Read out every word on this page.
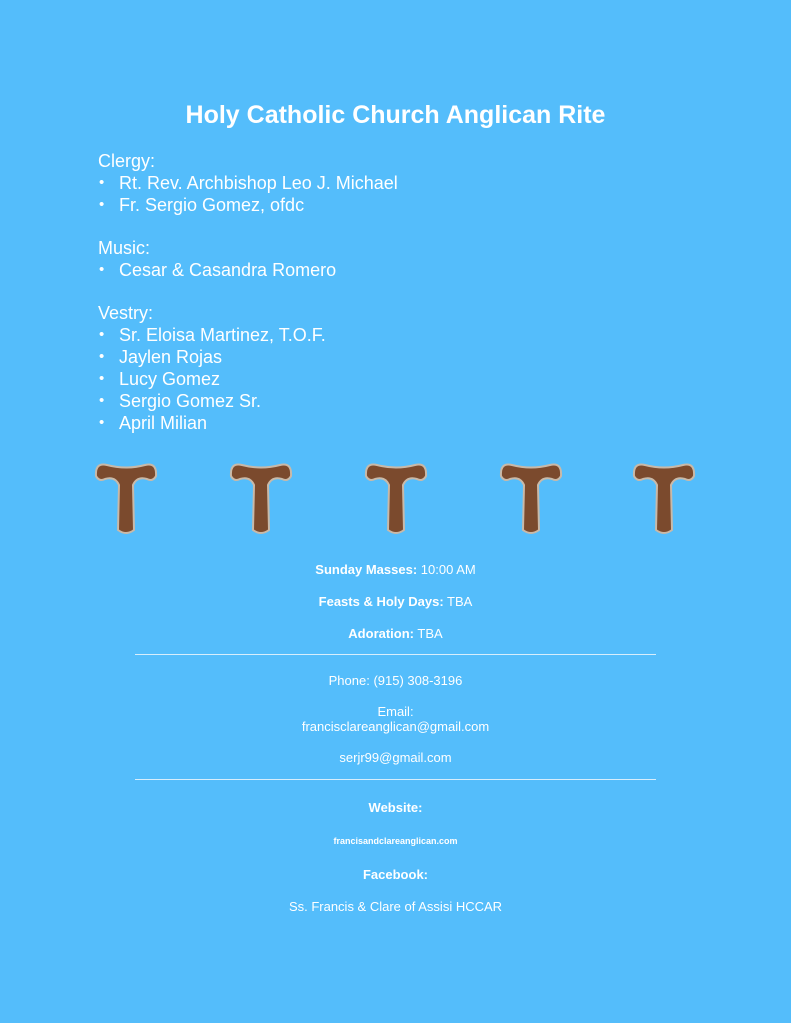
Holy Catholic Church Anglican Rite
Clergy:
• Rt. Rev. Archbishop Leo J. Michael
• Fr. Sergio Gomez, ofdc
Music:
• Cesar & Casandra Romero
Vestry:
• Sr. Eloisa Martinez, T.O.F.
• Jaylen Rojas
• Lucy Gomez
• Sergio Gomez Sr.
• April Milian
Sunday Masses: 10:00 AM
Feasts & Holy Days: TBA
Adoration: TBA
Phone: (915) 308-3196
Email:
francisclareanglican@gmail.com
serjr99@gmail.com
Website:
francisandclareanglican.com
Facebook:
Ss. Francis & Clare of Assisi HCCAR
